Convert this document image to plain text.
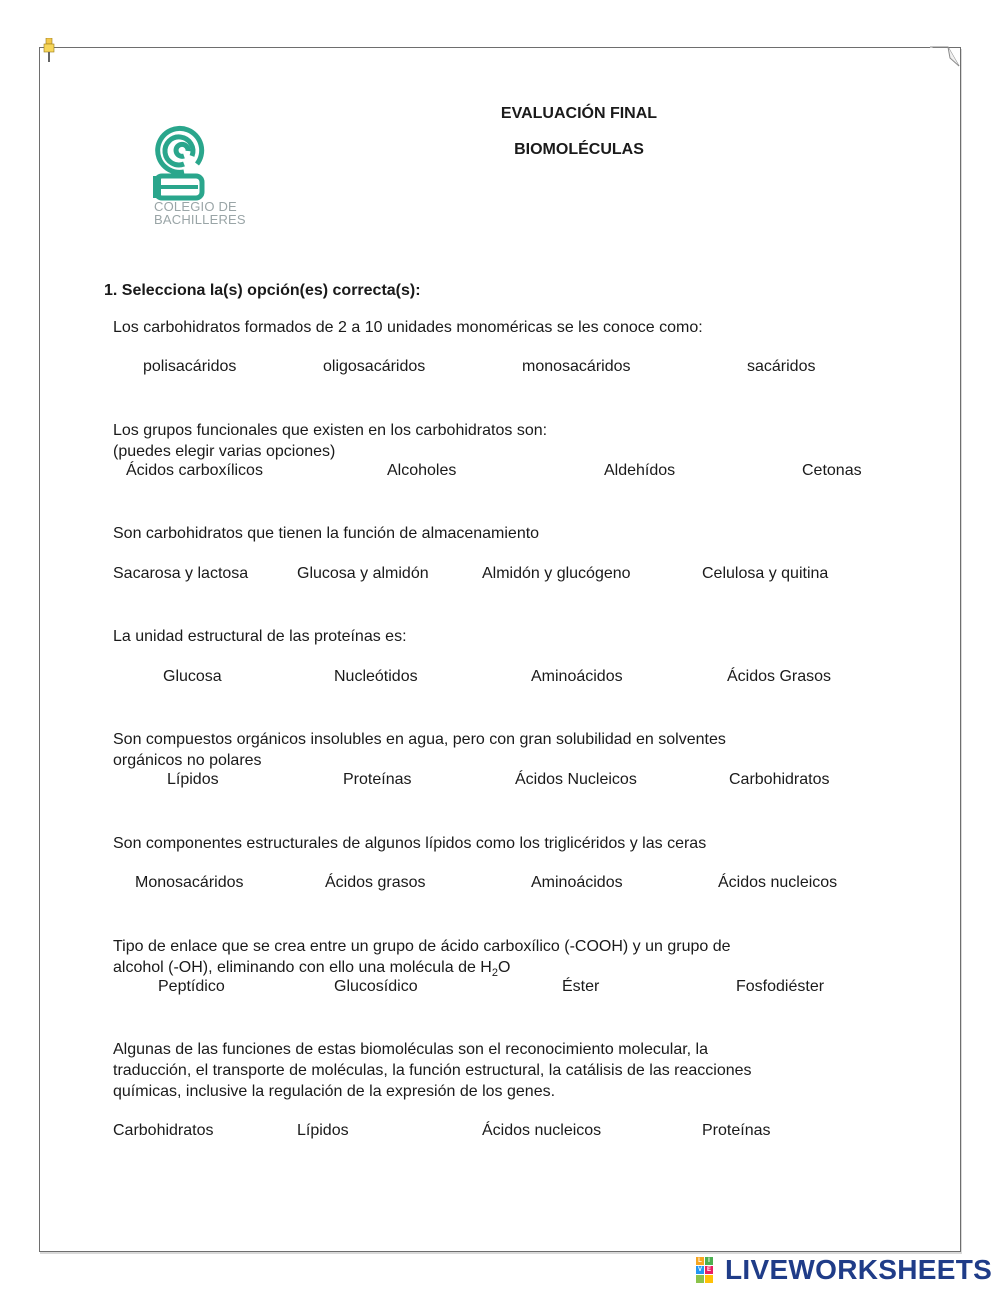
COLEGIO DE
BACHILLERES
EVALUACIÓN FINAL
BIOMOLÉCULAS
1. Selecciona la(s) opción(es) correcta(s):
Los carbohidratos formados de 2 a 10 unidades monoméricas se les conoce como:
polisacáridos	oligosacáridos	monosacáridos	sacáridos
Los grupos funcionales que existen en los carbohidratos son:
(puedes elegir varias opciones)
Ácidos carboxílicos	Alcoholes	Aldehídos	Cetonas
Son carbohidratos que tienen la función de almacenamiento
Sacarosa y lactosa	Glucosa y almidón	Almidón y glucógeno	Celulosa y quitina
La unidad estructural de las proteínas es:
Glucosa	Nucleótidos	Aminoácidos	Ácidos Grasos
Son compuestos orgánicos insolubles en agua, pero con gran solubilidad en solventes
orgánicos no polares
Lípidos	Proteínas	Ácidos Nucleicos	Carbohidratos
Son componentes estructurales de algunos lípidos como los triglicéridos y las ceras
Monosacáridos	Ácidos grasos	Aminoácidos	Ácidos nucleicos
Tipo de enlace que se crea entre un grupo de ácido carboxílico (-COOH) y un grupo de
alcohol (-OH), eliminando con ello una molécula de $H_2O$
Peptídico	Glucosídico	Éster	Fosfodiéster
Algunas de las funciones de estas biomoléculas son el reconocimiento molecular, la
traducción, el transporte de moléculas, la función estructural, la catálisis de las reacciones
químicas, inclusive la regulación de la expresión de los genes.
Carbohidratos	Lípidos	Ácidos nucleicos	Proteínas
L	I
V E LIVEWORKSHEETS
